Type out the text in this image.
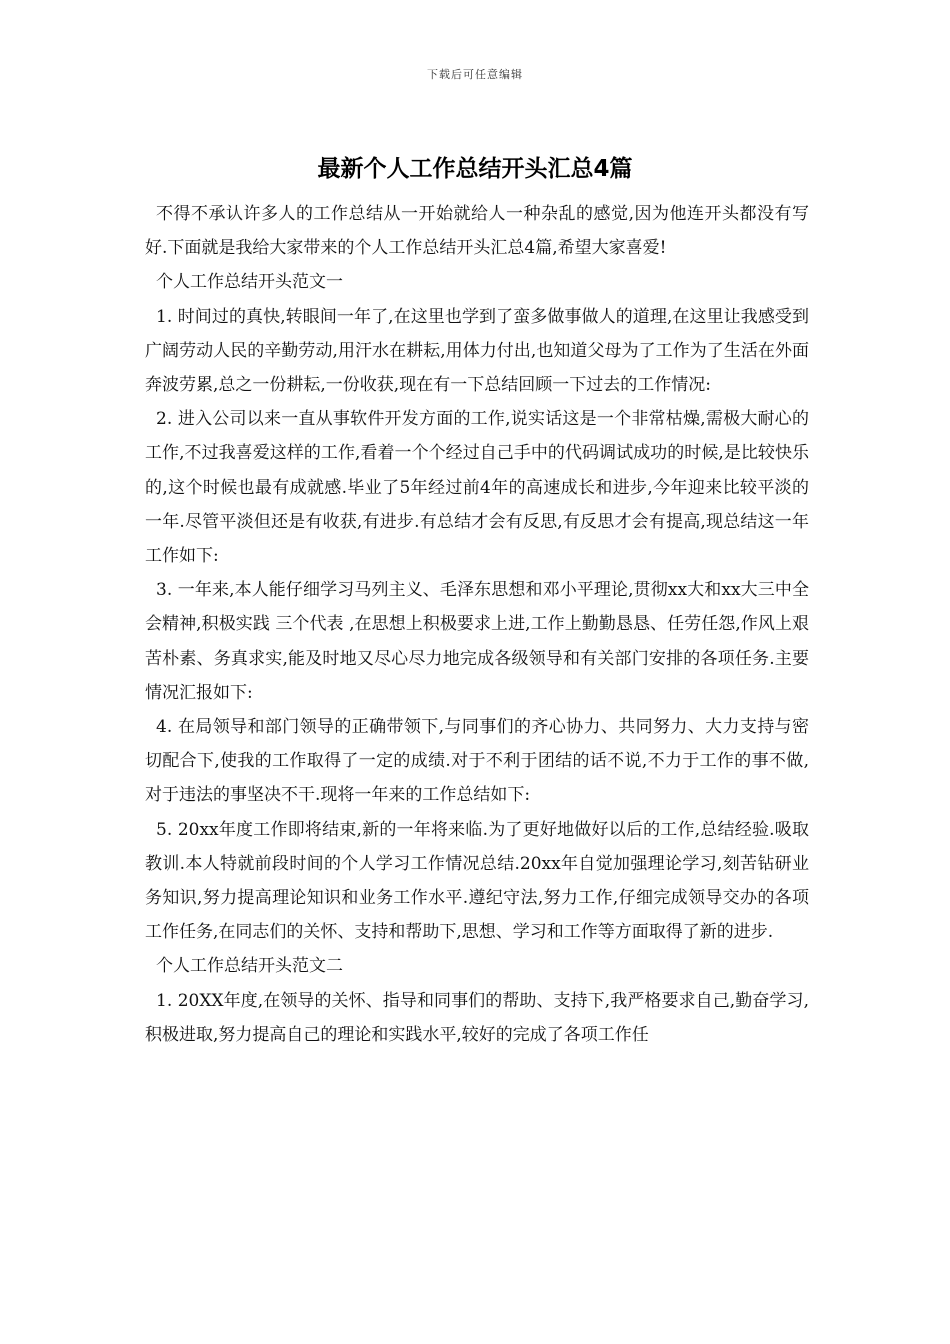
下载后可任意编辑
最新个人工作总结开头汇总4篇

不得不承认许多人的工作总结从一开始就给人一种杂乱的感觉,因为他连开头都没有写好.下面就是我给大家带来的个人工作总结开头汇总4篇,希望大家喜爱!

个人工作总结开头范文一

1. 时间过的真快,转眼间一年了,在这里也学到了蛮多做事做人的道理,在这里让我感受到广阔劳动人民的辛勤劳动,用汗水在耕耘,用体力付出,也知道父母为了工作为了生活在外面奔波劳累,总之一份耕耘,一份收获,现在有一下总结回顾一下过去的工作情况:

2. 进入公司以来一直从事软件开发方面的工作,说实话这是一个非常枯燥,需极大耐心的工作,不过我喜爱这样的工作,看着一个个经过自己手中的代码调试成功的时候,是比较快乐的,这个时候也最有成就感.毕业了5年经过前4年的高速成长和进步,今年迎来比较平淡的一年.尽管平淡但还是有收获,有进步.有总结才会有反思,有反思才会有提高,现总结这一年工作如下:

3. 一年来,本人能仔细学习马列主义、毛泽东思想和邓小平理论,贯彻xx大和xx大三中全会精神,积极实践 三个代表 ,在思想上积极要求上进,工作上勤勤恳恳、任劳任怨,作风上艰苦朴素、务真求实,能及时地又尽心尽力地完成各级领导和有关部门安排的各项任务.主要情况汇报如下:

4. 在局领导和部门领导的正确带领下,与同事们的齐心协力、共同努力、大力支持与密切配合下,使我的工作取得了一定的成绩.对于不利于团结的话不说,不力于工作的事不做,对于违法的事坚决不干.现将一年来的工作总结如下:

5. 20xx年度工作即将结束,新的一年将来临.为了更好地做好以后的工作,总结经验.吸取教训.本人特就前段时间的个人学习工作情况总结.20xx年自觉加强理论学习,刻苦钻研业务知识,努力提高理论知识和业务工作水平.遵纪守法,努力工作,仔细完成领导交办的各项工作任务,在同志们的关怀、支持和帮助下,思想、学习和工作等方面取得了新的进步.

个人工作总结开头范文二

1. 20XX年度,在领导的关怀、指导和同事们的帮助、支持下,我严格要求自己,勤奋学习,积极进取,努力提高自己的理论和实践水平,较好的完成了各项工作任
